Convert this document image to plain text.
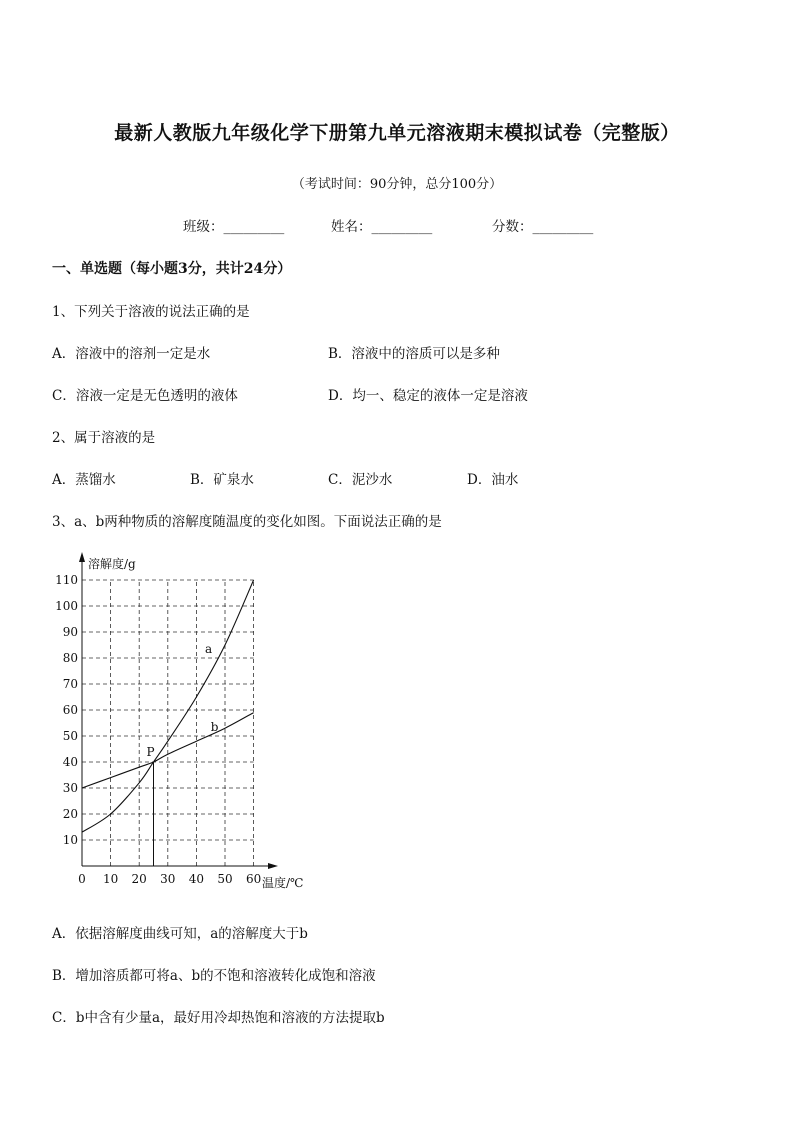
最新人教版九年级化学下册第九单元溶液期末模拟试卷（完整版）
（考试时间：90分钟，总分100分）
班级：_________	姓名：_________	分数：_________
一、单选题（每小题3分，共计24分）
1、下列关于溶液的说法正确的是
A．溶液中的溶剂一定是水	B．溶液中的溶质可以是多种
C．溶液一定是无色透明的液体	D．均一、稳定的液体一定是溶液
2、属于溶液的是
A．蒸馏水	B．矿泉水	C．泥沙水	D．油水
3、a、b两种物质的溶解度随温度的变化如图。下面说法正确的是
10
20
30
40
50
60
70
80
90
100
110
0 10 20 30 40 50 60
溶解度/g
温度/℃
a
b
P
A．依据溶解度曲线可知，a的溶解度大于b
B．增加溶质都可将a、b的不饱和溶液转化成饱和溶液
C．b中含有少量a，最好用冷却热饱和溶液的方法提取b
